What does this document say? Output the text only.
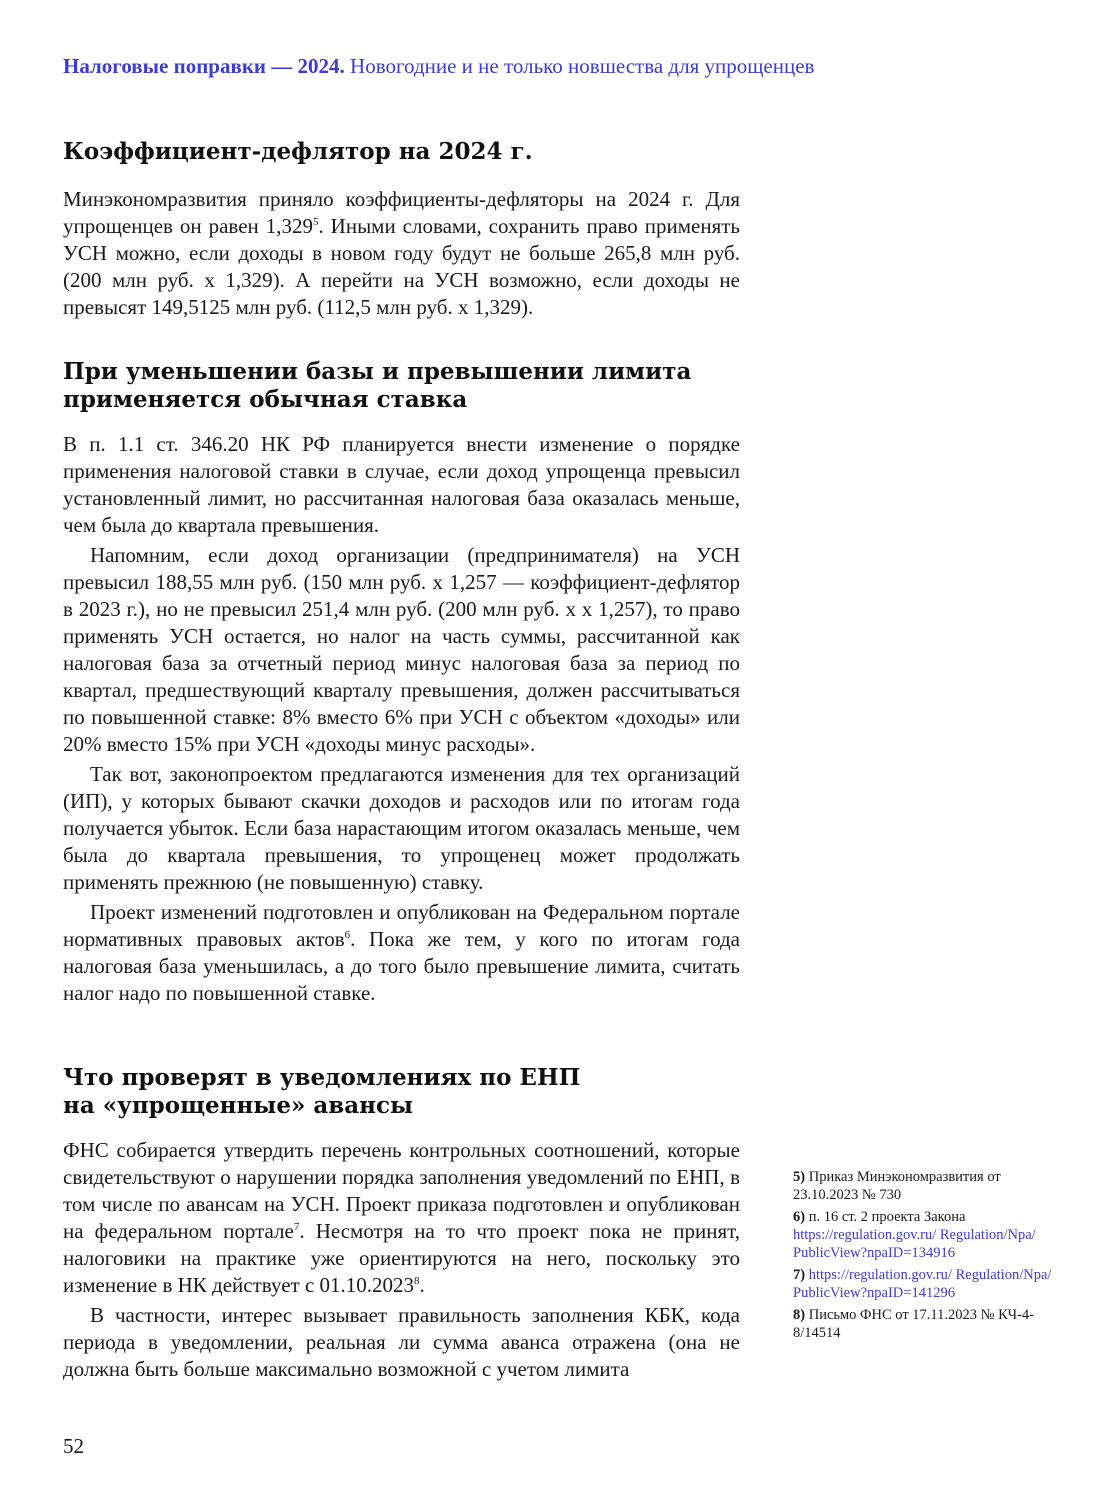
Налоговые поправки — 2024. Новогодние и не только новшества для упрощенцев
Коэффициент-дефлятор на 2024 г.

Минэкономразвития приняло коэффициенты-дефляторы на 2024 г. Для упрощенцев он равен 1,329$^5$. Иными словами, сохранить право применять УСН можно, если доходы в новом году будут не больше 265,8 млн руб. (200 млн руб. х 1,329). А перейти на УСН возможно, если доходы не превысят 149,5125 млн руб. (112,5 млн руб. х 1,329).

При уменьшении базы и превышении лимита
применяется обычная ставка

В п. 1.1 ст. 346.20 НК РФ планируется внести изменение о порядке применения налоговой ставки в случае, если доход упрощенца превысил установленный лимит, но рассчитанная налоговая база оказалась меньше, чем была до квартала превышения.

Напомним, если доход организации (предпринимателя) на УСН превысил 188,55 млн руб. (150 млн руб. х 1,257 — коэффициент-дефлятор в 2023 г.), но не превысил 251,4 млн руб. (200 млн руб. х х 1,257), то право применять УСН остается, но налог на часть суммы, рассчитанной как налоговая база за отчетный период минус налоговая база за период по квартал, предшествующий кварталу превышения, должен рассчитываться по повышенной ставке: 8% вместо 6% при УСН с объектом «доходы» или 20% вместо 15% при УСН «доходы минус расходы».

Так вот, законопроектом предлагаются изменения для тех организаций (ИП), у которых бывают скачки доходов и расходов или по итогам года получается убыток. Если база нарастающим итогом оказалась меньше, чем была до квартала превышения, то упрощенец может продолжать применять прежнюю (не повышенную) ставку.

Проект изменений подготовлен и опубликован на Федеральном портале нормативных правовых актов$^6$. Пока же тем, у кого по итогам года налоговая база уменьшилась, а до того было превышение лимита, считать налог надо по повышенной ставке.

Что проверят в уведомлениях по ЕНП
на «упрощенные» авансы

ФНС собирается утвердить перечень контрольных соотношений, которые свидетельствуют о нарушении порядка заполнения уведомлений по ЕНП, в том числе по авансам на УСН. Проект приказа подготовлен и опубликован на федеральном портале$^7$. Несмотря на то что проект пока не принят, налоговики на практике уже ориентируются на него, поскольку это изменение в НК действует с 01.10.2023$^8$.

В частности, интерес вызывает правильность заполнения КБК, кода периода в уведомлении, реальная ли сумма аванса отражена (она не должна быть больше максимально возможной с учетом лимита

5) Приказ Минэкономразвития от 23.10.2023 № 730
6) п. 16 ст. 2 проекта Закона
https://regulation.gov.ru/ Regulation/Npa/ PublicView?npaID=134916
7) https://regulation.gov.ru/ Regulation/Npa/ PublicView?npaID=141296
8) Письмо ФНС от 17.11.2023 № КЧ-4-8/14514
52
